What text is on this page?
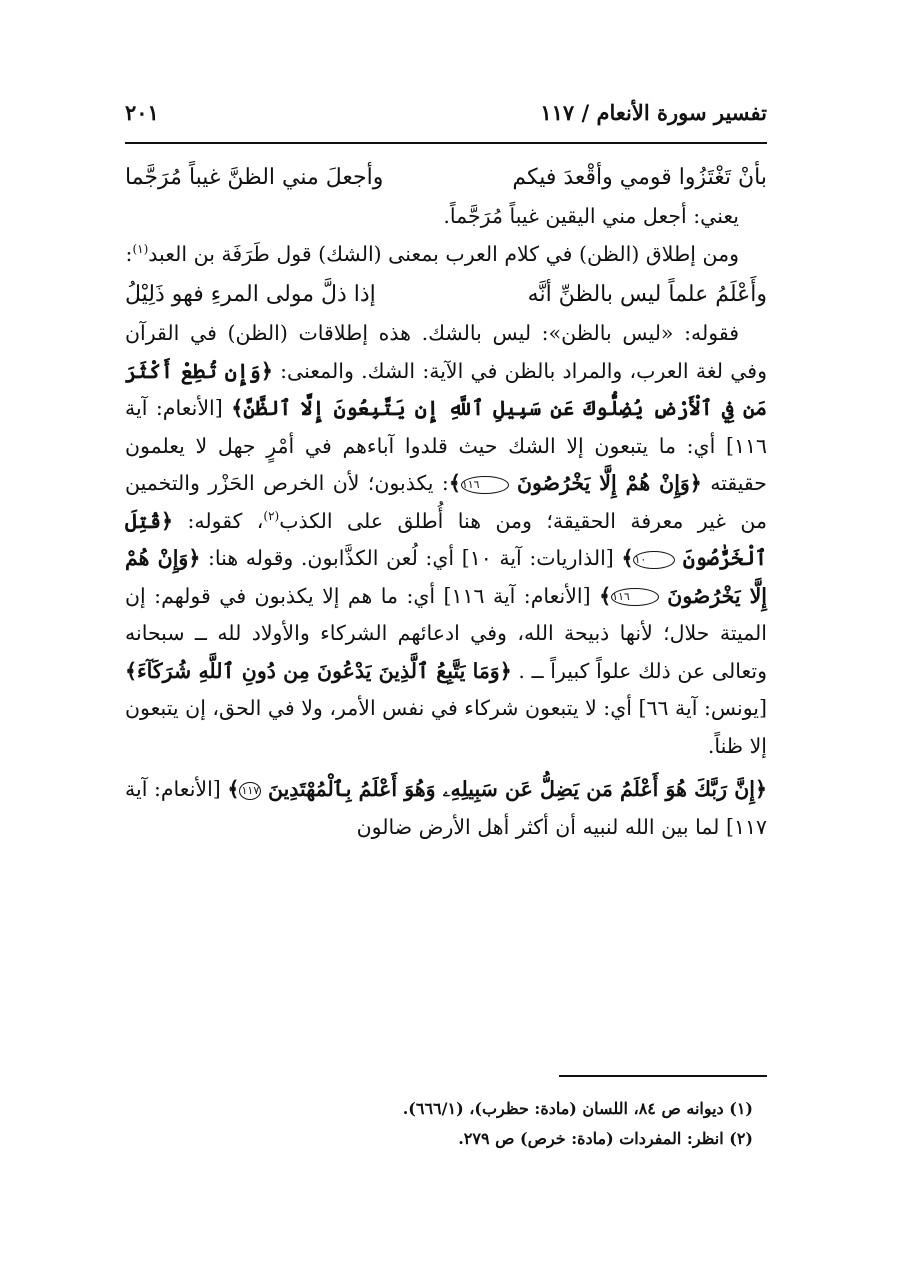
تفسير سورة الأنعام / ١١٧
٢٠١
بأنْ تَغْتَزُوا قومي وأقْعدَ فيكم
وأجعلَ مني الظنَّ غيباً مُرَجَّما

يعني: أجعل مني اليقين غيباً مُرَجَّماً.

ومن إطلاق (الظن) في كلام العرب بمعنى (الشك) قول طَرَفَة بن العبد$^{(١)}$:

وأَعْلَمُ علماً ليس بالظنِّ أنَّه
إذا ذلَّ مولى المرءِ فهو ذَلِيْلُ

فقوله: «ليس بالظن»: ليس بالشك. هذه إطلاقات (الظن) في القرآن وفي لغة العرب، والمراد بالظن في الآية: الشك. والمعنى: ﴿وَإِن تُطِعْ أَكْثَرَ مَن فِي ٱلْأَرْضِ يُضِلُّوكَ عَن سَبِيلِ ٱللَّهِ إِن يَتَّبِعُونَ إِلَّا ٱلظَّنَّ﴾ [الأنعام: آية ١١٦] أي: ما يتبعون إلا الشك حيث قلدوا آباءهم في أمْرٍ جهل لا يعلمون حقيقته ﴿وَإِنْ هُمْ إِلَّا يَخْرُصُونَ ١١٦﴾: يكذبون؛ لأن الخرص الحَزْر والتخمين من غير معرفة الحقيقة؛ ومن هنا أُطلق على الكذب$^{(٢)}$، كقوله: ﴿قُتِلَ ٱلْخَرَّٰصُونَ ١٠﴾ [الذاريات: آية ١٠] أي: لُعن الكذَّابون. وقوله هنا: ﴿وَإِنْ هُمْ إِلَّا يَخْرُصُونَ ١١٦﴾ [الأنعام: آية ١١٦] أي: ما هم إلا يكذبون في قولهم: إن الميتة حلال؛ لأنها ذبيحة الله، وفي ادعائهم الشركاء والأولاد لله ــ سبحانه وتعالى عن ذلك علواً كبيراً ــ . ﴿وَمَا يَتَّبِعُ ٱلَّذِينَ يَدْعُونَ مِن دُونِ ٱللَّهِ شُرَكَآءَ﴾ [يونس: آية ٦٦] أي: لا يتبعون شركاء في نفس الأمر، ولا في الحق، إن يتبعون إلا ظناً.

﴿إِنَّ رَبَّكَ هُوَ أَعْلَمُ مَن يَضِلُّ عَن سَبِيلِهِۦ وَهُوَ أَعْلَمُ بِٱلْمُهْتَدِينَ ١١٧﴾ [الأنعام: آية ١١٧] لما بين الله لنبيه أن أكثر أهل الأرض ضالون

(١) ديوانه ص ٨٤، اللسان (مادة: حظرب)، (٦٦٦/١).

(٢) انظر: المفردات (مادة: خرص) ص ٢٧٩.
